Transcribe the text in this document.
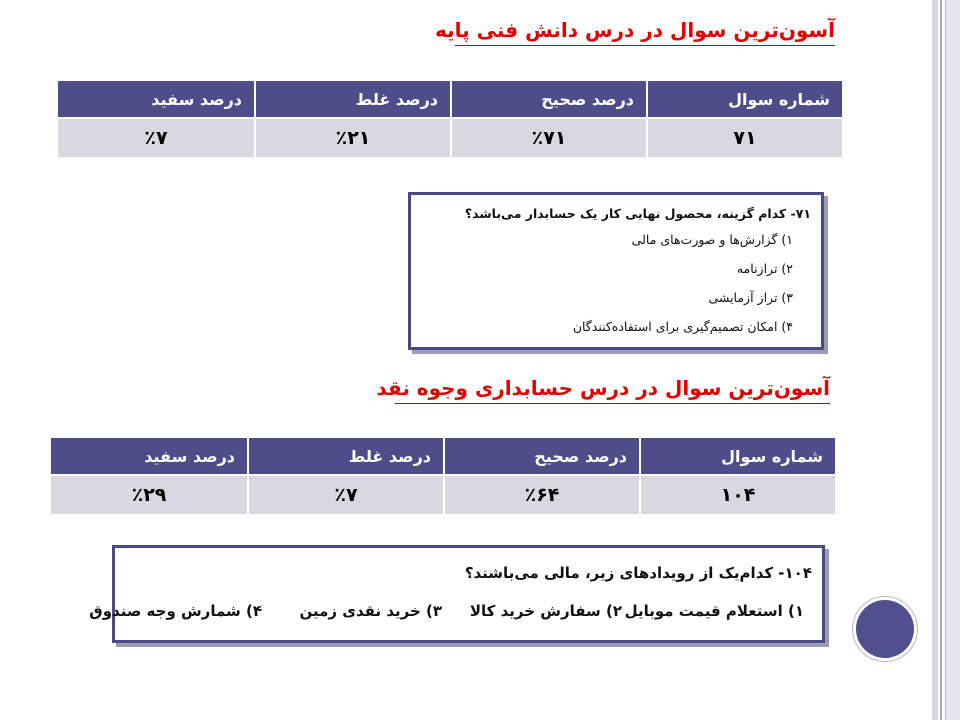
آسون‌ترین سوال در درس دانش فنی پایه
شماره سوال	درصد صحیح	درصد غلط	درصد سفید
۷۱	٪۷۱	٪۲۱	٪۷
۷۱- کدام گزینه، محصول نهایی کار یک حسابدار می‌باشد؟
۱) گزارش‌ها و صورت‌های مالی
۲) ترازنامه
۳) تراز آزمایشی
۴) امکان تصمیم‌گیری برای استفاده‌کنندگان
آسون‌ترین سوال در درس حسابداری وجوه نقد
شماره سوال	درصد صحیح	درصد غلط	درصد سفید
۱۰۴	٪۶۴	٪۷	٪۲۹
۱۰۴- کدام‌یک از رویدادهای زیر، مالی می‌باشند؟
۱) استعلام قیمت موبایل
۲) سفارش خرید کالا
۳) خرید نقدی زمین
۴) شمارش وجه صندوق
